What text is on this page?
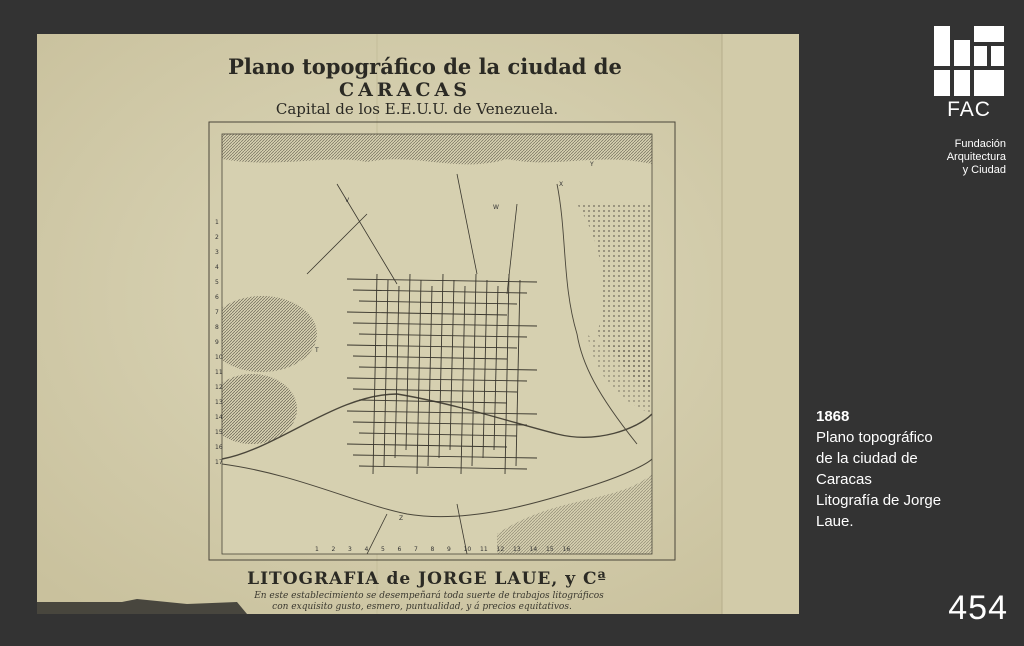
Plano topográfico de la ciudad de
CARACAS
Capital de los E.E.U.U. de Venezuela.
Y
X
W
V
Z
T
1
2
3
4
5
6
7
8
9
10
11
12
13
14
15
16
17
1 2 3 4 5 6 7 8 9 10 11 12 13 14 15 16
LITOGRAFIA de JORGE LAUE, y Cª
En este establecimiento se desempeñará toda suerte de trabajos litográficos
con exquisito gusto, esmero, puntualidad, y á precios equitativos.
FAC
Fundación
Arquitectura
y Ciudad
1868
Plano topográfico
de la ciudad de
Caracas
Litografía de Jorge
Laue.
454
